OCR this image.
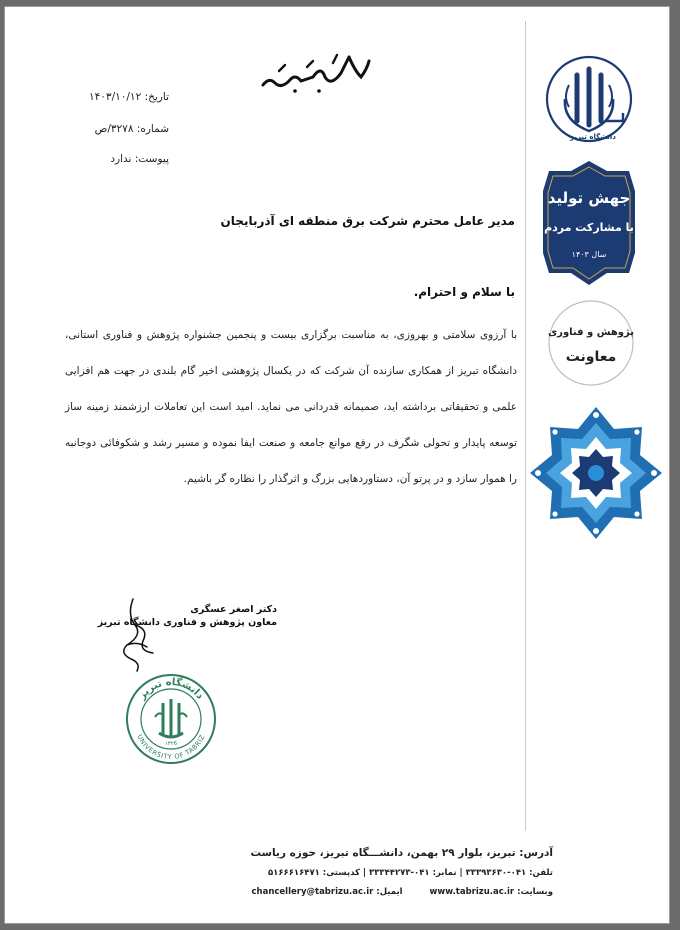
تاریخ: ۱۴۰۳/۱۰/۱۲
شماره: ۳۲۷۸/ص
پیوست: ندارد
مدیر عامل محترم شرکت برق منطقه ای آذربایجان
با سلام و احترام.
با آرزوی سلامتی و بهروزی، به مناسبت برگزاری بیست و پنجمین جشنواره پژوهش و فناوری استانی، دانشگاه تبریز از همکاری سازنده آن شرکت که در یکسال پژوهشی اخیر گام بلندی در جهت هم افزایی علمی و تحقیقاتی برداشته اید، صمیمانه قدردانی می نماید. امید است این تعاملات ارزشمند زمینه ساز توسعه پایدار و تحولی شگرف در رفع موانع جامعه و صنعت ایفا نموده و مسیر رشد و شکوفائی دوجانبه را هموار سازد و در پرتو آن، دستاوردهایی بزرگ و اثرگذار را نظاره گر باشیم.
دکتر اصغر عسگری
معاون پژوهش و فناوری دانشگاه تبریز
دانشگاه تبریز
UNIVERSITY OF TABRIZ
۱۳۲6
دانشگاه تبریز
جهش تولید
با مشارکت مردم
سال ۱۴۰۳
پژوهش و فناوری
معاونت
آدرس: تبریز، بلوار ۲۹ بهمن، دانشـــگاه تبریز، حوزه ریاست
تلفن: ۰۴۱-۳۳۳۹۳۶۳۰ | نمابر: ۰۴۱-۳۳۳۴۴۲۷۳ | کدپستی: ۵۱۶۶۶۱۶۴۷۱
وبسایت: www.tabrizu.ac.ir ایمیل: chancellery@tabrizu.ac.ir
